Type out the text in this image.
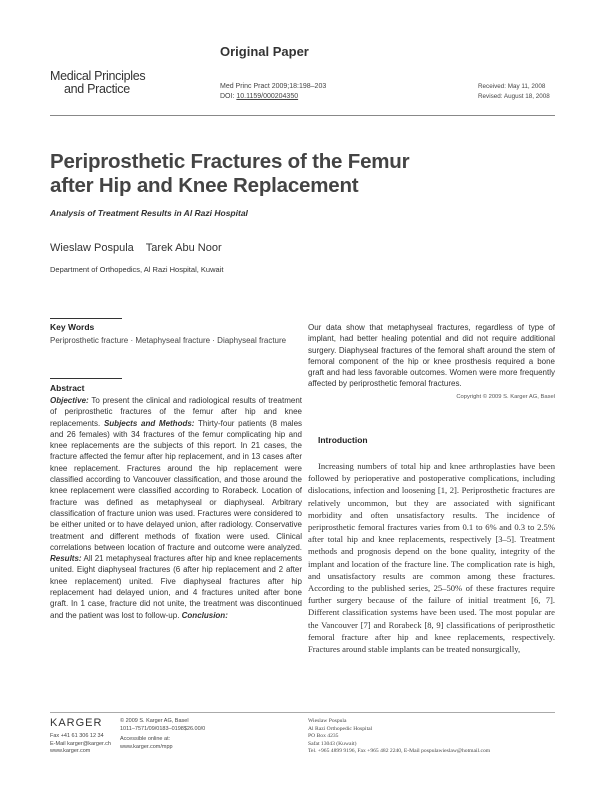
Medical Principles
and Practice
Original Paper
Med Princ Pract 2009;18:198–203
DOI: 10.1159/000204350
Received: May 11, 2008
Revised: August 18, 2008
Periprosthetic Fractures of the Femur
after Hip and Knee Replacement
Analysis of Treatment Results in Al Razi Hospital
Wieslaw Pospula    Tarek Abu Noor
Department of Orthopedics, Al Razi Hospital, Kuwait
Key Words
Periprosthetic fracture · Metaphyseal fracture · Diaphyseal fracture
Abstract
Objective: To present the clinical and radiological results of treatment of periprosthetic fractures of the femur after hip and knee replacements. Subjects and Methods: Thirty-four patients (8 males and 26 females) with 34 fractures of the femur complicating hip and knee replacements are the subjects of this report. In 21 cases, the fracture affected the femur after hip replacement, and in 13 cases after knee replacement. Fractures around the hip replacement were classified according to Vancouver classification, and those around the knee replacement were classified according to Rorabeck. Location of fracture was defined as metaphyseal or diaphyseal. Arbitrary classification of fracture union was used. Fractures were considered to be either united or to have delayed union, after radiology. Conservative treatment and different methods of fixation were used. Clinical correlations between location of fracture and outcome were analyzed. Results: All 21 metaphyseal fractures after hip and knee replacements united. Eight diaphyseal fractures (6 after hip replacement and 2 after knee replacement) united. Five diaphyseal fractures after hip replacement had delayed union, and 4 fractures united after bone graft. In 1 case, fracture did not unite, the treatment was discontinued and the patient was lost to follow-up. Conclusion:
Our data show that metaphyseal fractures, regardless of type of implant, had better healing potential and did not require additional surgery. Diaphyseal fractures of the femoral shaft around the stem of femoral component of the hip or knee prosthesis required a bone graft and had less favorable outcomes. Women were more frequently affected by periprosthetic femoral fractures.
Copyright © 2009 S. Karger AG, Basel
Introduction
Increasing numbers of total hip and knee arthroplasties have been followed by perioperative and postoperative complications, including dislocations, infection and loosening [1, 2]. Periprosthetic fractures are relatively uncommon, but they are associated with significant morbidity and often unsatisfactory results. The incidence of periprosthetic femoral fractures varies from 0.1 to 6% and 0.3 to 2.5% after total hip and knee replacements, respectively [3–5]. Treatment methods and prognosis depend on the bone quality, integrity of the implant and location of the fracture line. The complication rate is high, and unsatisfactory results are common among these fractures. According to the published series, 25–50% of these fractures require further surgery because of the failure of initial treatment [6, 7]. Different classification systems have been used. The most popular are the Vancouver [7] and Rorabeck [8, 9] classifications of periprosthetic femoral fracture after hip and knee replacements, respectively. Fractures around stable implants can be treated nonsurgically,
KARGER
Fax +41 61 306 12 34
E-Mail karger@karger.ch
www.karger.com
© 2009 S. Karger AG, Basel
1011–7571/09/0183–0198$26.00/0
Accessible online at:
www.karger.com/mpp
Wieslaw Pospula
Al Razi Orthopedic Hospital
PO Box 4235
Safat 13043 (Kuwait)
Tel. +965 4899 9196, Fax +965 482 2240, E-Mail pospulawieslaw@hotmail.com
